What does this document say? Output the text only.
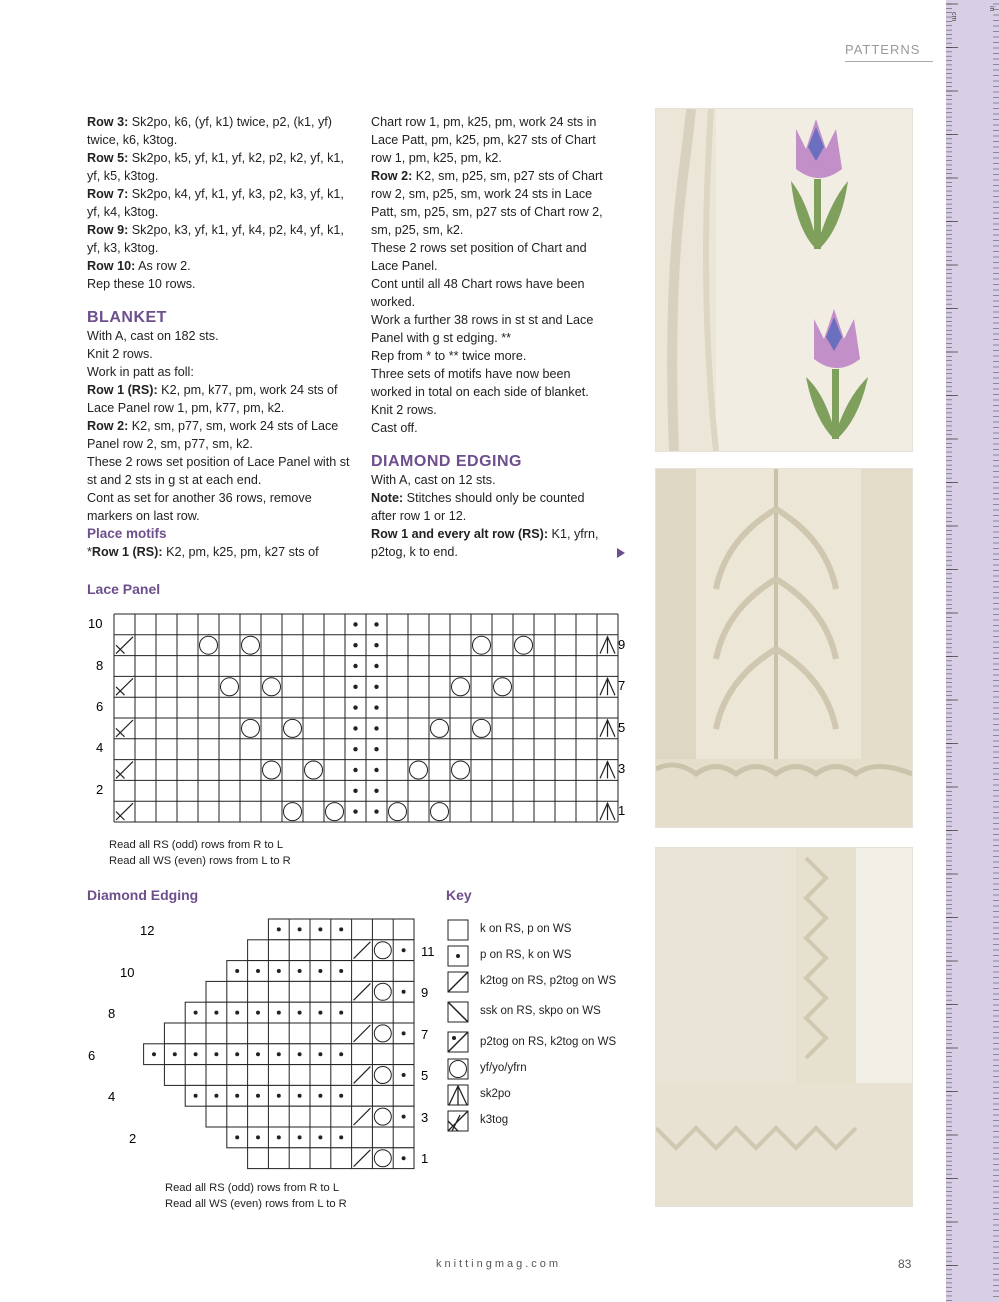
PATTERNS

Row 3: Sk2po, k6, (yf, k1) twice, p2, (k1, yf) twice, k6, k3tog.

Row 5: Sk2po, k5, yf, k1, yf, k2, p2, k2, yf, k1, yf, k5, k3tog.

Row 7: Sk2po, k4, yf, k1, yf, k3, p2, k3, yf, k1, yf, k4, k3tog.

Row 9: Sk2po, k3, yf, k1, yf, k4, p2, k4, yf, k1, yf, k3, k3tog.

Row 10: As row 2.

Rep these 10 rows.

BLANKET

With A, cast on 182 sts.

Knit 2 rows.

Work in patt as foll:

Row 1 (RS): K2, pm, k77, pm, work 24 sts of Lace Panel row 1, pm, k77, pm, k2.

Row 2: K2, sm, p77, sm, work 24 sts of Lace Panel row 2, sm, p77, sm, k2.

These 2 rows set position of Lace Panel with st st and 2 sts in g st at each end.

Cont as set for another 36 rows, remove markers on last row.

Place motifs

*Row 1 (RS): K2, pm, k25, pm, k27 sts of

Chart row 1, pm, k25, pm, work 24 sts in Lace Patt, pm, k25, pm, k27 sts of Chart row 1, pm, k25, pm, k2.

Row 2: K2, sm, p25, sm, p27 sts of Chart row 2, sm, p25, sm, work 24 sts in Lace Patt, sm, p25, sm, p27 sts of Chart row 2, sm, p25, sm, k2.

These 2 rows set position of Chart and Lace Panel.

Cont until all 48 Chart rows have been worked.

Work a further 38 rows in st st and Lace Panel with g st edging. **

Rep from * to ** twice more.

Three sets of motifs have now been worked in total on each side of blanket.

Knit 2 rows.

Cast off.

DIAMOND EDGING

With A, cast on 12 sts.

Note: Stitches should only be counted after row 1 or 12.

Row 1 and every alt row (RS): K1, yfrn, p2tog, k to end.

Lace Panel
10
8
6
4
2
9
7
5
3
1
Read all RS (odd) rows from R to L
Read all WS (even) rows from L to R
Diamond Edging
12
10
8
6
4
2
11
9
7
5
3
1
Read all RS (odd) rows from R to L
Read all WS (even) rows from L to R
Key
k on RS, p on WS
p on RS, k on WS
k2tog on RS, p2tog on WS
ssk on RS, skpo on WS
p2tog on RS, k2tog on WS
yf/yo/yfrn
sk2po
k3tog
cm
in
knittingmag.com	83
